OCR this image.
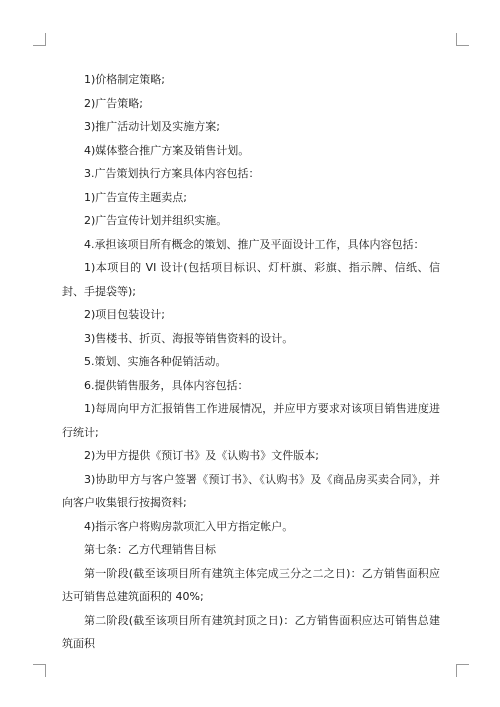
1)价格制定策略;

2)广告策略;

3)推广活动计划及实施方案;

4)媒体整合推广方案及销售计划。

3.广告策划执行方案具体内容包括：

1)广告宣传主题卖点;

2)广告宣传计划并组织实施。

4.承担该项目所有概念的策划、推广及平面设计工作，具体内容包括：

1)本项目的 VI 设计(包括项目标识、灯杆旗、彩旗、指示牌、信纸、信封、手提袋等);

2)项目包装设计;

3)售楼书、折页、海报等销售资料的设计。

5.策划、实施各种促销活动。

6.提供销售服务，具体内容包括：

1)每周向甲方汇报销售工作进展情况，并应甲方要求对该项目销售进度进行统计;

2)为甲方提供《预订书》及《认购书》文件版本;

3)协助甲方与客户签署《预订书》、《认购书》及《商品房买卖合同》，并向客户收集银行按揭资料;

4)指示客户将购房款项汇入甲方指定帐户。

第七条：乙方代理销售目标

第一阶段(截至该项目所有建筑主体完成三分之二之日)：乙方销售面积应达可销售总建筑面积的 40%;

第二阶段(截至该项目所有建筑封顶之日)：乙方销售面积应达可销售总建筑面积
